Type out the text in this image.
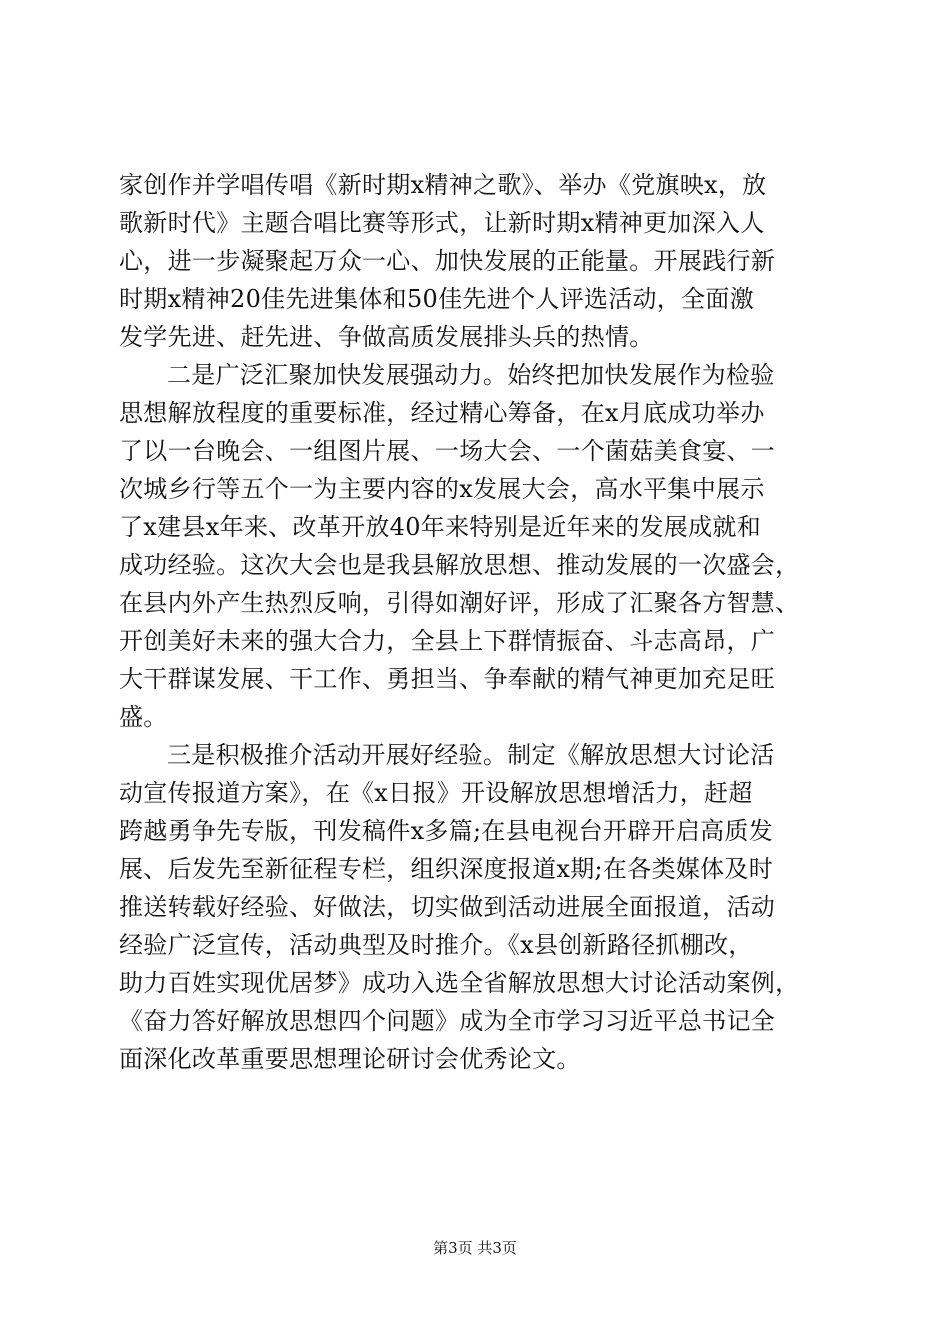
家创作并学唱传唱《新时期x精神之歌》、举办《党旗映x，放
歌新时代》主题合唱比赛等形式，让新时期x精神更加深入人
心，进一步凝聚起万众一心、加快发展的正能量。开展践行新
时期x精神20佳先进集体和50佳先进个人评选活动，全面激
发学先进、赶先进、争做高质发展排头兵的热情。
二是广泛汇聚加快发展强动力。始终把加快发展作为检验
思想解放程度的重要标准，经过精心筹备，在x月底成功举办
了以一台晚会、一组图片展、一场大会、一个菌菇美食宴、一
次城乡行等五个一为主要内容的x发展大会，高水平集中展示
了x建县x年来、改革开放40年来特别是近年来的发展成就和
成功经验。这次大会也是我县解放思想、推动发展的一次盛会，
在县内外产生热烈反响，引得如潮好评，形成了汇聚各方智慧、
开创美好未来的强大合力，全县上下群情振奋、斗志高昂，广
大干群谋发展、干工作、勇担当、争奉献的精气神更加充足旺
盛。
三是积极推介活动开展好经验。制定《解放思想大讨论活
动宣传报道方案》，在《x日报》开设解放思想增活力，赶超
跨越勇争先专版，刊发稿件x多篇;在县电视台开辟开启高质发
展、后发先至新征程专栏，组织深度报道x期;在各类媒体及时
推送转载好经验、好做法，切实做到活动进展全面报道，活动
经验广泛宣传，活动典型及时推介。《x县创新路径抓棚改，
助力百姓实现优居梦》成功入选全省解放思想大讨论活动案例，
《奋力答好解放思想四个问题》成为全市学习习近平总书记全
面深化改革重要思想理论研讨会优秀论文。
第3页 共3页
